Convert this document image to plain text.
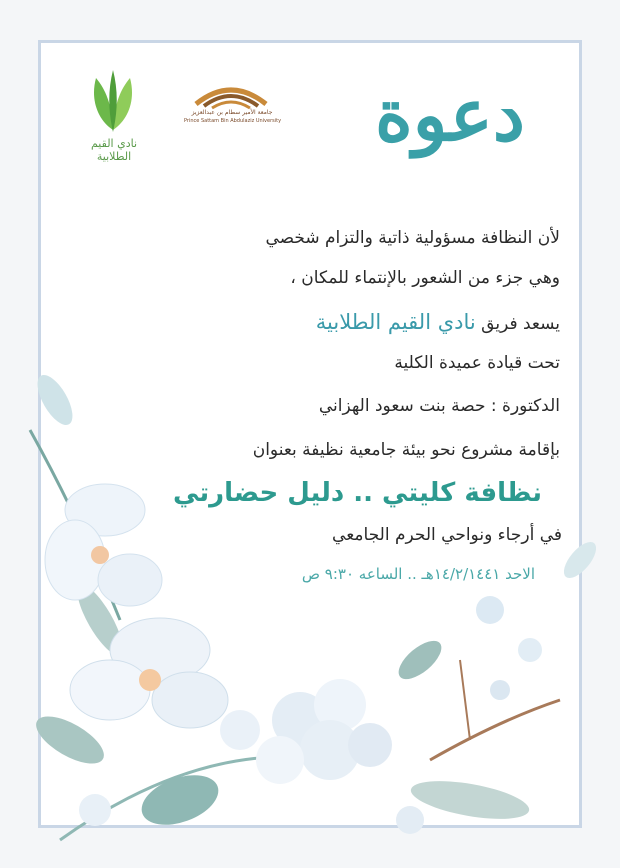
نادي القيم الطلابية
جامعة الأمير سطام بن عبدالعزيز
Prince Sattam Bin Abdulaziz University دعوة
لأن النظافة مسؤولية ذاتية والتزام شخصي
وهي جزء من الشعور بالإنتماء للمكان ،
يسعد فريق نادي القيم الطلابية
تحت قيادة عميدة الكلية
الدكتورة : حصة بنت سعود الهزاني
بإقامة مشروع نحو بيئة جامعية نظيفة بعنوان
نظافة كليتي .. دليل حضارتي
في أرجاء ونواحي الحرم الجامعي
الاحد ١٤/٢/١٤٤١هـ .. الساعه ٩:٣٠ ص
